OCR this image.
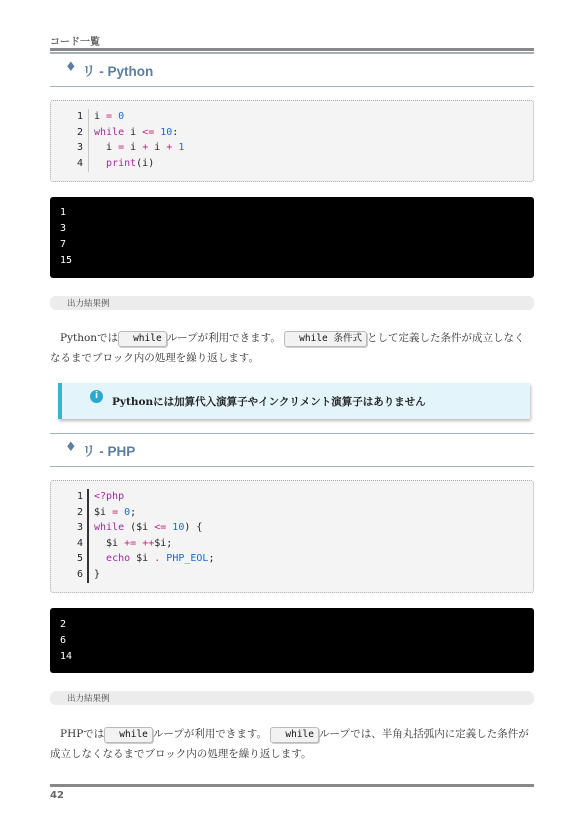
コード一覧
♦ リ - Python
1 i = 0
2 while i <= 10:
3 i = i + i + 1
4	print(i)
1
3
7
15
出力結果例
Pythonでは while ループが利用できます。 while 条件式 として定義した条件が成立しなくなるまでブロック内の処理を繰り返します。
i	Pythonには加算代入演算子やインクリメント演算子はありません
♦ リ - PHP
1 <?php
2 $i = 0;
3 while ($i <= 10) {
4 $i += ++$i;
5	echo $i . PHP_EOL;
6 }
2
6
14
出力結果例
PHPでは while ループが利用できます。 while ループでは、半角丸括弧内に定義した条件が成立しなくなるまでブロック内の処理を繰り返します。
42
